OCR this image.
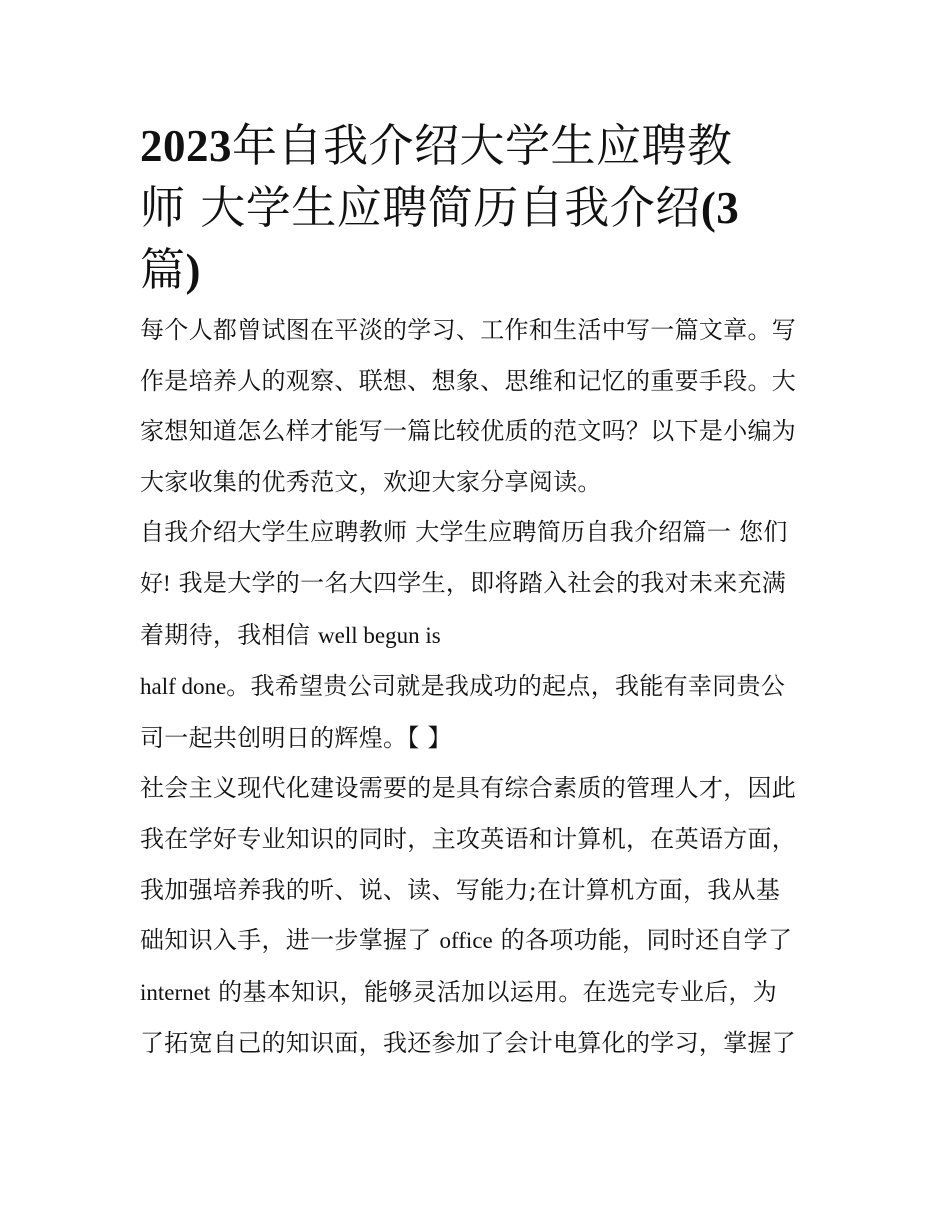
2023年自我介绍大学生应聘教
师 大学生应聘简历自我介绍(3
篇)

每个人都曾试图在平淡的学习、工作和生活中写一篇文章。写
作是培养人的观察、联想、想象、思维和记忆的重要手段。大
家想知道怎么样才能写一篇比较优质的范文吗？以下是小编为
大家收集的优秀范文，欢迎大家分享阅读。

自我介绍大学生应聘教师 大学生应聘简历自我介绍篇一 您们
好! 我是大学的一名大四学生，即将踏入社会的我对未来充满
着期待，我相信 well begun is
half done。我希望贵公司就是我成功的起点，我能有幸同贵公
司一起共创明日的辉煌。【 】

社会主义现代化建设需要的是具有综合素质的管理人才，因此
我在学好专业知识的同时，主攻英语和计算机，在英语方面，
我加强培养我的听、说、读、写能力;在计算机方面，我从基
础知识入手，进一步掌握了 office 的各项功能，同时还自学了
internet 的基本知识，能够灵活加以运用。在选完专业后，为
了拓宽自己的知识面，我还参加了会计电算化的学习，掌握了
